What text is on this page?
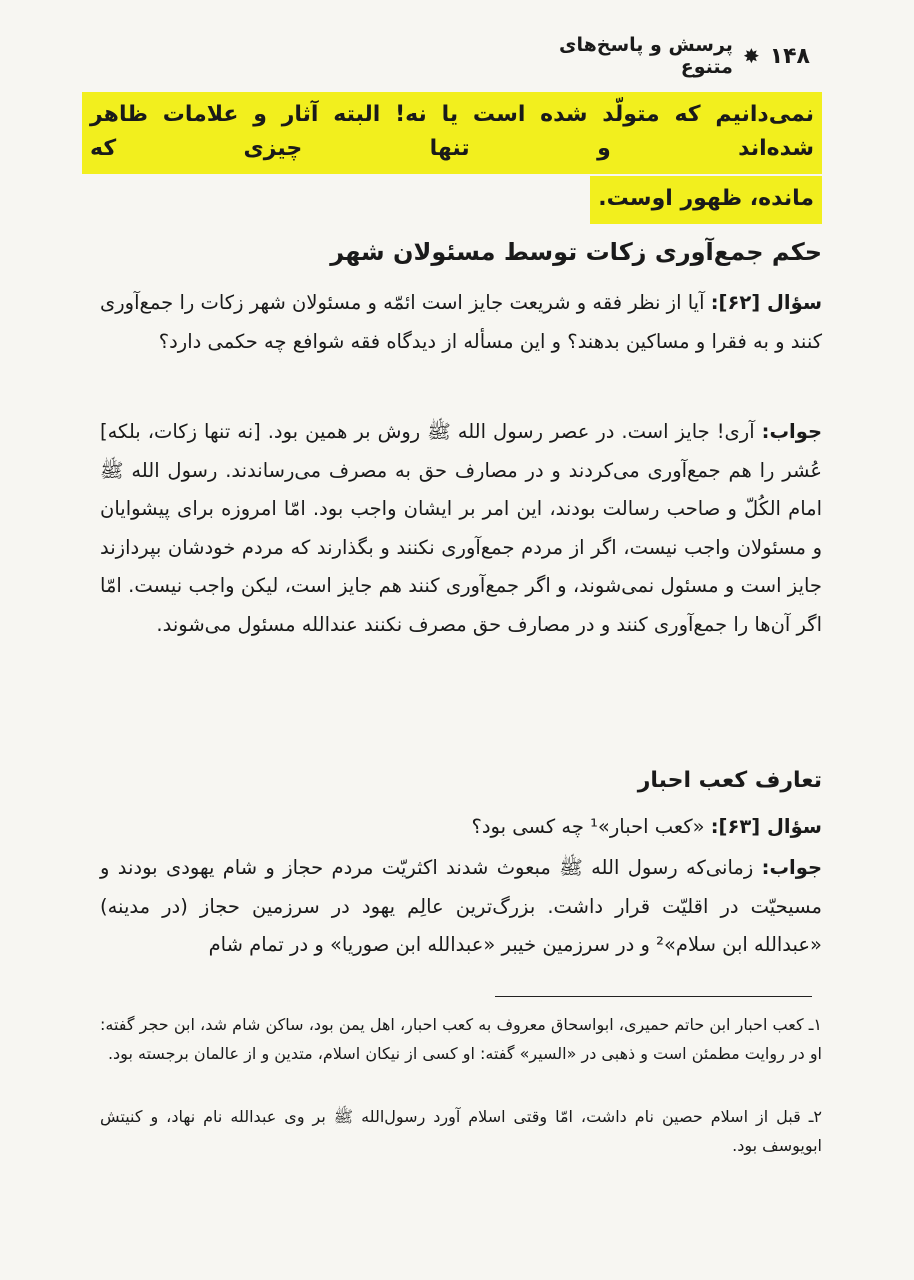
۱۴۸
✸
پرسش و پاسخ‌های متنوع
نمی‌دانیم که متولّد شده است یا نه! البته آثار و علامات ظاهر شده‌اند و تنها چیزی که
مانده، ظهور اوست.
حکم جمع‌آوری زکات توسط مسئولان شهر
سؤال [۶۲]: آیا از نظر فقه و شریعت جایز است ائمّه و مسئولان شهر زکات را جمع‌آوری کنند و به فقرا و مساکین بدهند؟ و این مسأله از دیدگاه فقه شوافع چه حکمی دارد؟
جواب: آری! جایز است. در عصر رسول الله ﷺ روش بر همین بود. [نه تنها زکات، بلکه] عُشر را هم جمع‌آوری می‌کردند و در مصارف حق به مصرف می‌رساندند. رسول الله ﷺ امام الکُلّ و صاحب رسالت بودند، این امر بر ایشان واجب بود. امّا امروزه برای پیشوایان و مسئولان واجب نیست، اگر از مردم جمع‌آوری نکنند و بگذارند که مردم خودشان بپردازند جایز است و مسئول نمی‌شوند، و اگر جمع‌آوری کنند هم جایز است، لیکن واجب نیست. امّا اگر آن‌ها را جمع‌آوری کنند و در مصارف حق مصرف نکنند عندالله مسئول می‌شوند.
تعارف کعب احبار
سؤال [۶۳]: «کعب احبار»¹ چه کسی بود؟
جواب: زمانی‌که رسول الله ﷺ مبعوث شدند اکثریّت مردم حجاز و شام یهودی بودند و مسیحیّت در اقلیّت قرار داشت. بزرگ‌ترین عالِم یهود در سرزمین حجاز (در مدینه) «عبدالله ابن سلام»² و در سرزمین خیبر «عبدالله ابن صوریا» و در تمام شام
۱ـ کعب احبار ابن حاتم حمیری، ابواسحاق معروف به کعب احبار، اهل یمن بود، ساکن شام شد، ابن حجر گفته: او در روایت مطمئن است و ذهبی در «السیر» گفته: او کسی از نیکان اسلام، متدین و از عالمان برجسته بود.
۲ـ قبل از اسلام حصین نام داشت، امّا وقتی اسلام آورد رسول‌الله ﷺ بر وی عبدالله نام نهاد، و کنیتش ابویوسف بود.
